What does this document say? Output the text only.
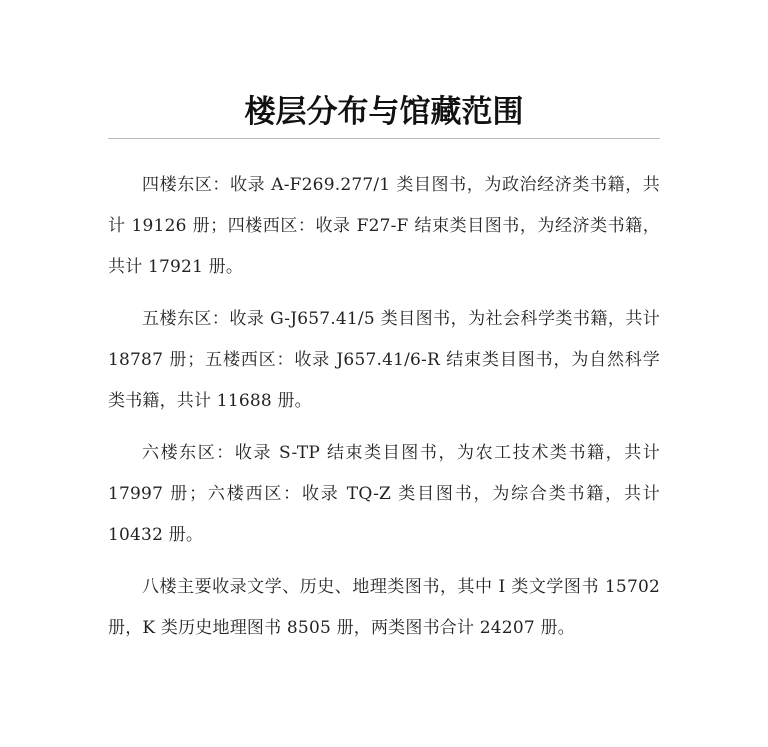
楼层分布与馆藏范围

四楼东区：收录 A-F269.277/1 类目图书，为政治经济类书籍，共计 19126 册；四楼西区：收录 F27-F 结束类目图书，为经济类书籍，共计 17921 册。

五楼东区：收录 G-J657.41/5 类目图书，为社会科学类书籍，共计 18787 册；五楼西区：收录 J657.41/6-R 结束类目图书，为自然科学类书籍，共计 11688 册。

六楼东区：收录 S-TP 结束类目图书，为农工技术类书籍，共计 17997 册；六楼西区：收录 TQ-Z 类目图书，为综合类书籍，共计 10432 册。

八楼主要收录文学、历史、地理类图书，其中 I 类文学图书 15702 册，K 类历史地理图书 8505 册，两类图书合计 24207 册。
